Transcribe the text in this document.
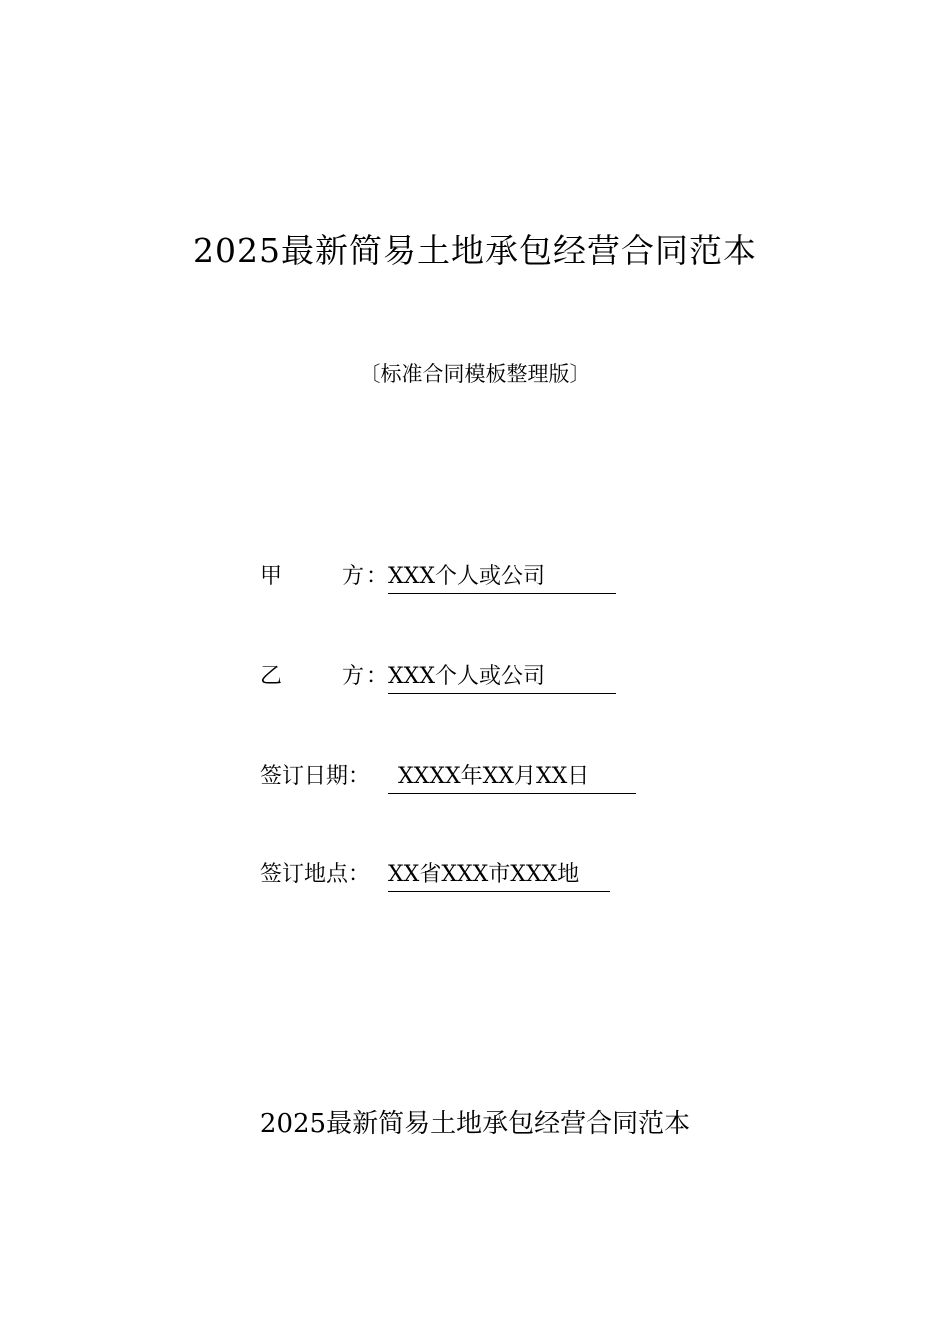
2025最新简易土地承包经营合同范本
〔标准合同模板整理版〕
甲	方 ： XXX个人或公司
乙	方 ： XXX个人或公司
签订日期： XXXX年XX月XX日
签订地点： XX省XXX市XXX地
2025最新简易土地承包经营合同范本
